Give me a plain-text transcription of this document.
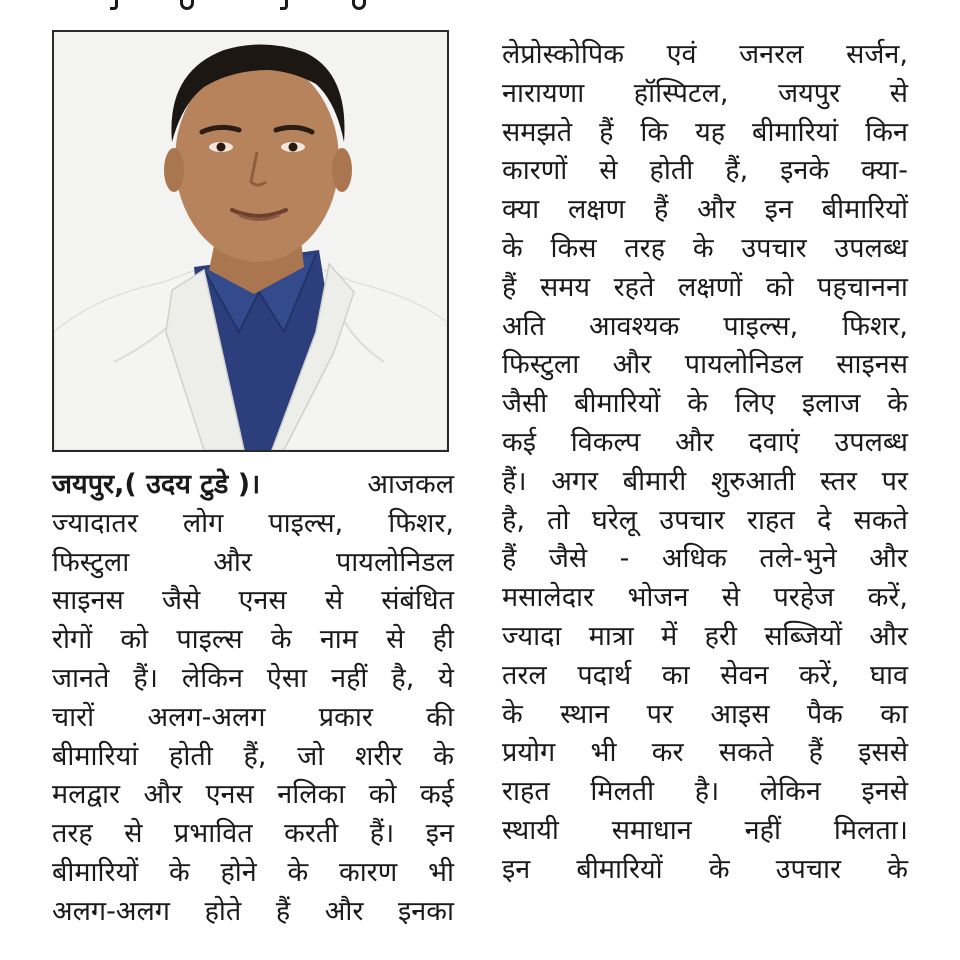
जयपुर,( उदय टुडे )।	आजकल
ज्यादातर लोग पाइल्स, फिशर,
फिस्टुला	और	पायलोनिडल
साइनस जैसे एनस से संबंधित
रोगों को पाइल्स के नाम से ही
जानते हैं। लेकिन ऐसा नहीं है, ये
चारों अलग-अलग प्रकार की
बीमारियां होती हैं, जो शरीर के
मलद्वार और एनस नलिका को कई
तरह से प्रभावित करती हैं। इन
बीमारियों के होने के कारण भी
अलग-अलग होते हैं और इनका
लेप्रोस्कोपिक एवं जनरल सर्जन,
नारायणा हॉस्पिटल, जयपुर से
समझते हैं कि यह बीमारियां किन
कारणों से होती हैं, इनके क्या-
क्या लक्षण हैं और इन बीमारियों
के किस तरह के उपचार उपलब्ध
हैं समय रहते लक्षणों को पहचानना
अति आवश्यक पाइल्स, फिशर,
फिस्टुला और पायलोनिडल साइनस
जैसी बीमारियों के लिए इलाज के
कई विकल्प और दवाएं उपलब्ध
हैं। अगर बीमारी शुरुआती स्तर पर
है, तो घरेलू उपचार राहत दे सकते
हैं जैसे - अधिक तले-भुने और
मसालेदार भोजन से परहेज करें,
ज्यादा मात्रा में हरी सब्जियों और
तरल पदार्थ का सेवन करें, घाव
के स्थान पर आइस पैक का
प्रयोग भी कर सकते हैं इससे
राहत मिलती है। लेकिन इनसे
स्थायी समाधान नहीं मिलता।
इन बीमारियों के उपचार के
